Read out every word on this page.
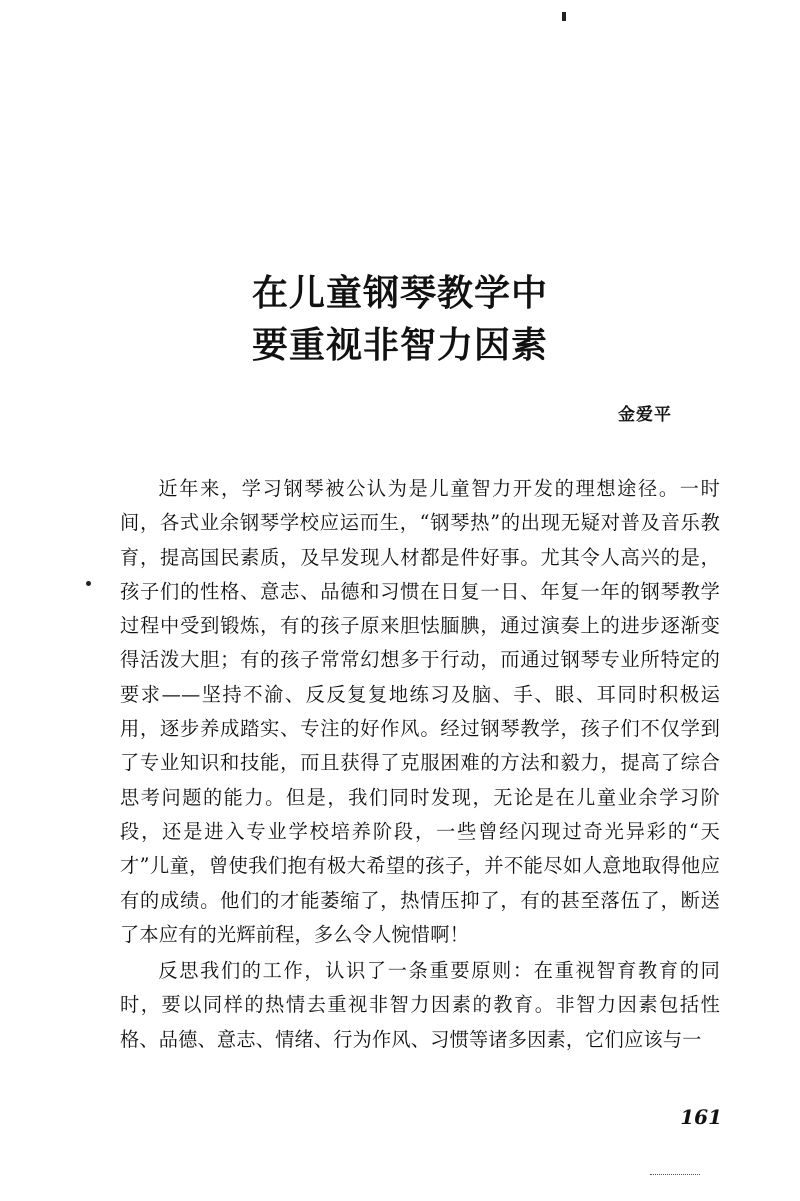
在儿童钢琴教学中
要重视非智力因素
金爱平

近年来，学习钢琴被公认为是儿童智力开发的理想途径。一时间，各式业余钢琴学校应运而生，“钢琴热”的出现无疑对普及音乐教育，提高国民素质，及早发现人材都是件好事。尤其令人高兴的是，孩子们的性格、意志、品德和习惯在日复一日、年复一年的钢琴教学过程中受到锻炼，有的孩子原来胆怯腼腆，通过演奏上的进步逐渐变得活泼大胆；有的孩子常常幻想多于行动，而通过钢琴专业所特定的要求——坚持不渝、反反复复地练习及脑、手、眼、耳同时积极运用，逐步养成踏实、专注的好作风。经过钢琴教学，孩子们不仅学到了专业知识和技能，而且获得了克服困难的方法和毅力，提高了综合思考问题的能力。但是，我们同时发现，无论是在儿童业余学习阶段，还是进入专业学校培养阶段，一些曾经闪现过奇光异彩的“天才”儿童，曾使我们抱有极大希望的孩子，并不能尽如人意地取得他应有的成绩。他们的才能萎缩了，热情压抑了，有的甚至落伍了，断送了本应有的光辉前程，多么令人惋惜啊！

反思我们的工作，认识了一条重要原则：在重视智育教育的同时，要以同样的热情去重视非智力因素的教育。非智力因素包括性格、品德、意志、情绪、行为作风、习惯等诸多因素，它们应该与一

161
